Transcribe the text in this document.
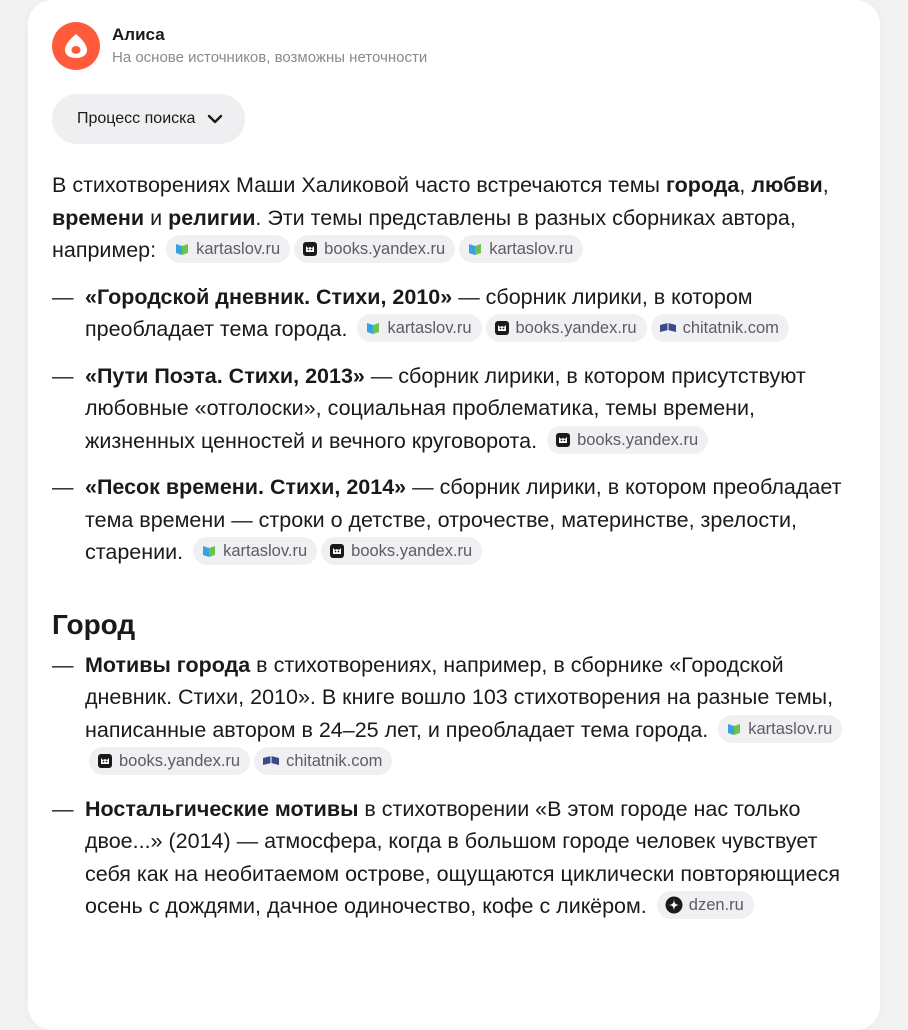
Алиса
На основе источников, возможны неточности
Процесс поиска

В стихотворениях Маши Халиковой часто встречаются темы города, любви, времени и религии. Эти темы представлены в разных сборниках автора, например: kartaslov.ru	books.yandex.ru	kartaslov.ru

— «Городской дневник. Стихи, 2010» — сборник лирики, в котором преобладает тема города. kartaslov.ru	books.yandex.ru	chitatnik.com
— «Пути Поэта. Стихи, 2013» — сборник лирики, в котором присутствуют любовные «отголоски», социальная проблематика, темы времени, жизненных ценностей и вечного круговорота. books.yandex.ru
— «Песок времени. Стихи, 2014» — сборник лирики, в котором преобладает тема времени — строки о детстве, отрочестве, материнстве, зрелости, старении. kartaslov.ru	books.yandex.ru
Город
— Мотивы города в стихотворениях, например, в сборнике «Городской дневник. Стихи, 2010». В книге вошло 103 стихотворения на разные темы, написанные автором в 24–25 лет, и преобладает тема города. kartaslov.ru
books.yandex.ru	chitatnik.com
— Ностальгические мотивы в стихотворении «В этом городе нас только двое...» (2014) — атмосфера, когда в большом городе человек чувствует себя как на необитаемом острове, ощущаются циклически повторяющиеся осень с дождями, дачное одиночество, кофе с ликёром.	dzen.ru
